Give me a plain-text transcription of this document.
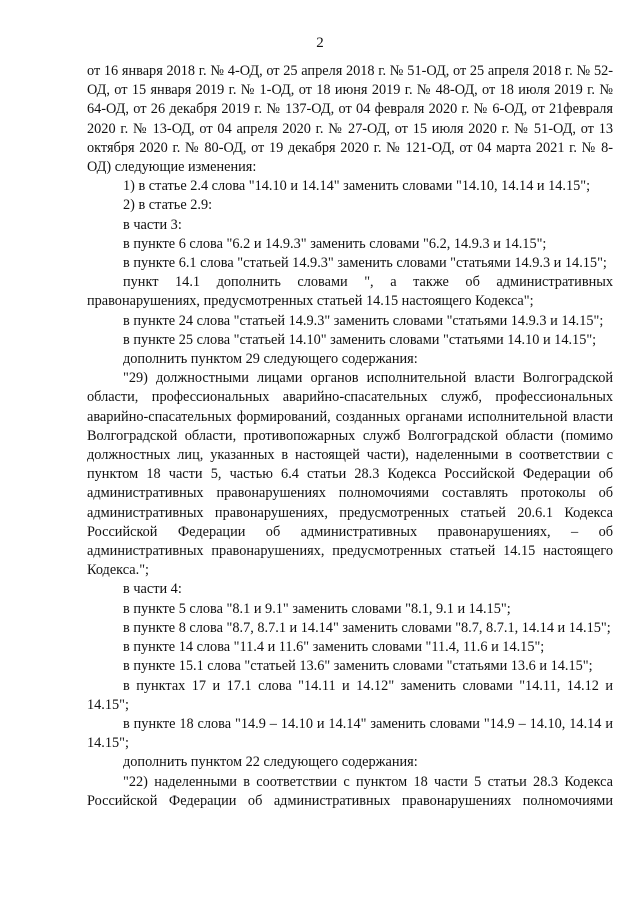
2

от 16 января 2018 г. № 4-ОД, от 25 апреля 2018 г. № 51-ОД, от 25 апреля 2018 г. № 52-ОД, от 15 января 2019 г. № 1-ОД, от 18 июня 2019 г. № 48-ОД, от 18 июля 2019 г. № 64-ОД, от 26 декабря 2019 г. № 137-ОД, от 04 февраля 2020 г. № 6-ОД, от 21февраля 2020 г. № 13-ОД, от 04 апреля 2020 г. № 27-ОД, от 15 июля 2020 г. № 51-ОД, от 13 октября 2020 г. № 80-ОД, от 19 декабря 2020 г. № 121-ОД, от 04 марта 2021 г. № 8-ОД) следующие изменения:

1) в статье 2.4 слова "14.10 и 14.14" заменить словами "14.10, 14.14 и 14.15";

2) в статье 2.9:

в части 3:

в пункте 6 слова "6.2 и 14.9.3" заменить словами "6.2, 14.9.3 и 14.15";

в пункте 6.1 слова "статьей 14.9.3" заменить словами "статьями 14.9.3 и 14.15";

пункт 14.1 дополнить словами ", а также об административных правонарушениях, предусмотренных статьей 14.15 настоящего Кодекса";

в пункте 24 слова "статьей 14.9.3" заменить словами "статьями 14.9.3 и 14.15";

в пункте 25 слова "статьей 14.10" заменить словами "статьями 14.10 и 14.15";

дополнить пунктом 29 следующего содержания:

"29) должностными лицами органов исполнительной власти Волгоградской области, профессиональных аварийно-спасательных служб, профессиональных аварийно-спасательных формирований, созданных органами исполнительной власти Волгоградской области, противопожарных служб Волгоградской области (помимо должностных лиц, указанных в настоящей части), наделенными в соответствии с пунктом 18 части 5, частью 6.4 статьи 28.3 Кодекса Российской Федерации об административных правонарушениях полномочиями составлять протоколы об административных правонарушениях, предусмотренных статьей 20.6.1 Кодекса Российской Федерации об административных правонарушениях, – об административных правонарушениях, предусмотренных статьей 14.15 настоящего Кодекса.";

в части 4:

в пункте 5 слова "8.1 и 9.1" заменить словами "8.1, 9.1 и 14.15";

в пункте 8 слова "8.7, 8.7.1 и 14.14" заменить словами "8.7, 8.7.1, 14.14 и 14.15";

в пункте 14 слова "11.4 и 11.6" заменить словами "11.4, 11.6 и 14.15";

в пункте 15.1 слова "статьей 13.6" заменить словами "статьями 13.6 и 14.15";

в пунктах 17 и 17.1 слова "14.11 и 14.12" заменить словами "14.11, 14.12 и 14.15";

в пункте 18 слова "14.9 – 14.10 и 14.14" заменить словами "14.9 – 14.10, 14.14 и 14.15";

дополнить пунктом 22 следующего содержания:

"22) наделенными в соответствии с пунктом 18 части 5 статьи 28.3 Кодекса Российской Федерации об административных правонарушениях полномочиями
